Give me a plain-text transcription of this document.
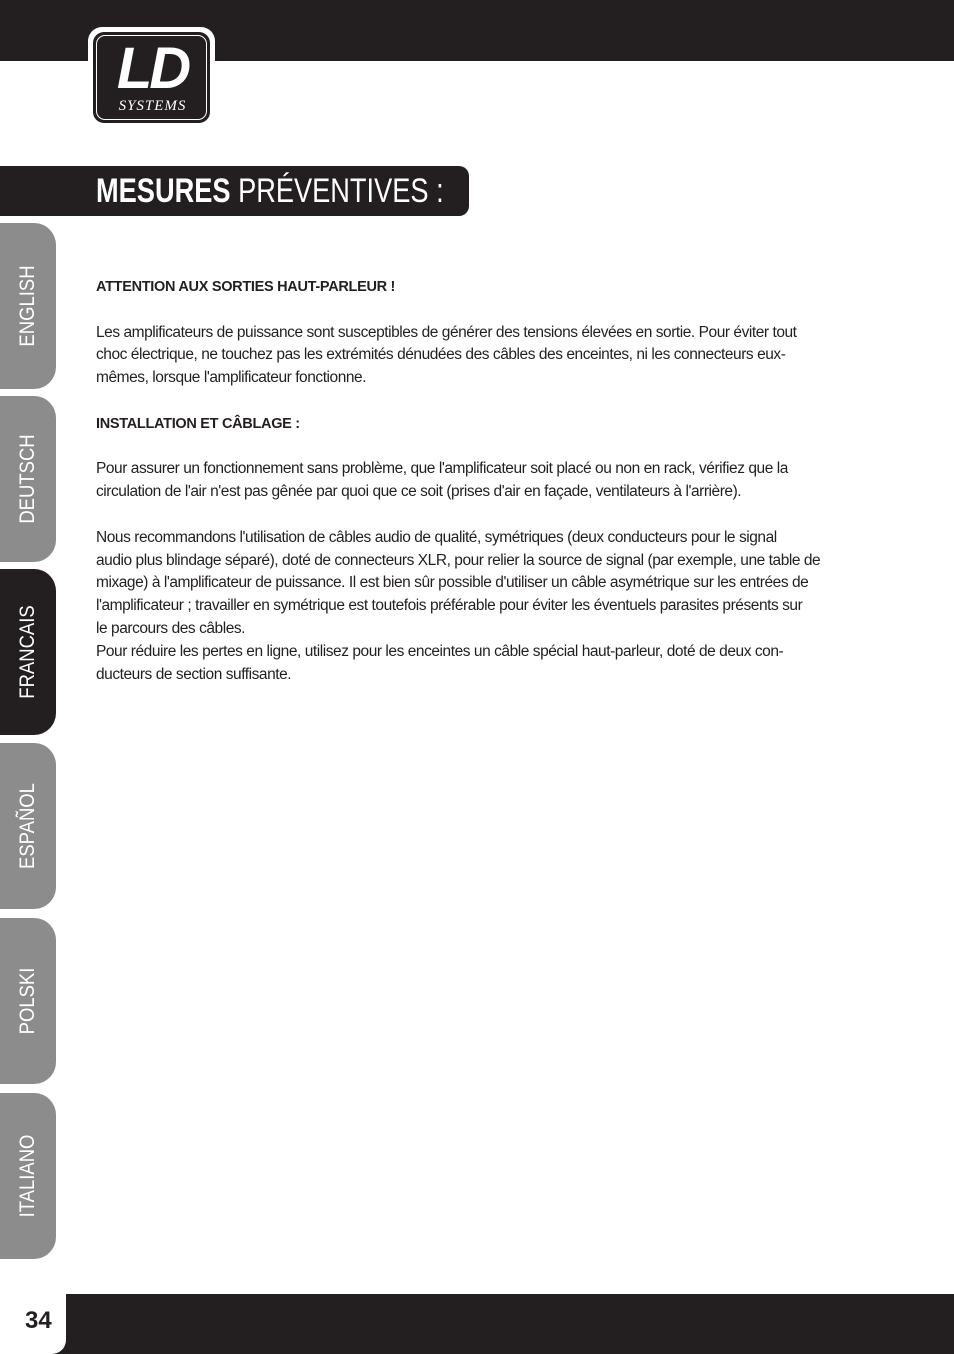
LD
SYSTEMS
MESURES PRÉVENTIVES :
ENGLISH
DEUTSCH
FRANCAIS
ESPAÑOL
POLSKI
ITALIANO
ATTENTION AUX SORTIES HAUT-PARLEUR !
Les amplificateurs de puissance sont susceptibles de générer des tensions élevées en sortie. Pour éviter tout
choc électrique, ne touchez pas les extrémités dénudées des câbles des enceintes, ni les connecteurs eux-
mêmes, lorsque l'amplificateur fonctionne.
INSTALLATION ET CÂBLAGE :
Pour assurer un fonctionnement sans problème, que l'amplificateur soit placé ou non en rack, vérifiez que la
circulation de l'air n'est pas gênée par quoi que ce soit (prises d'air en façade, ventilateurs à l'arrière).
Nous recommandons l'utilisation de câbles audio de qualité, symétriques (deux conducteurs pour le signal
audio plus blindage séparé), doté de connecteurs XLR, pour relier la source de signal (par exemple, une table de
mixage) à l'amplificateur de puissance. Il est bien sûr possible d'utiliser un câble asymétrique sur les entrées de
l'amplificateur ; travailler en symétrique est toutefois préférable pour éviter les éventuels parasites présents sur
le parcours des câbles.
Pour réduire les pertes en ligne, utilisez pour les enceintes un câble spécial haut-parleur, doté de deux con-
ducteurs de section suffisante.
34
